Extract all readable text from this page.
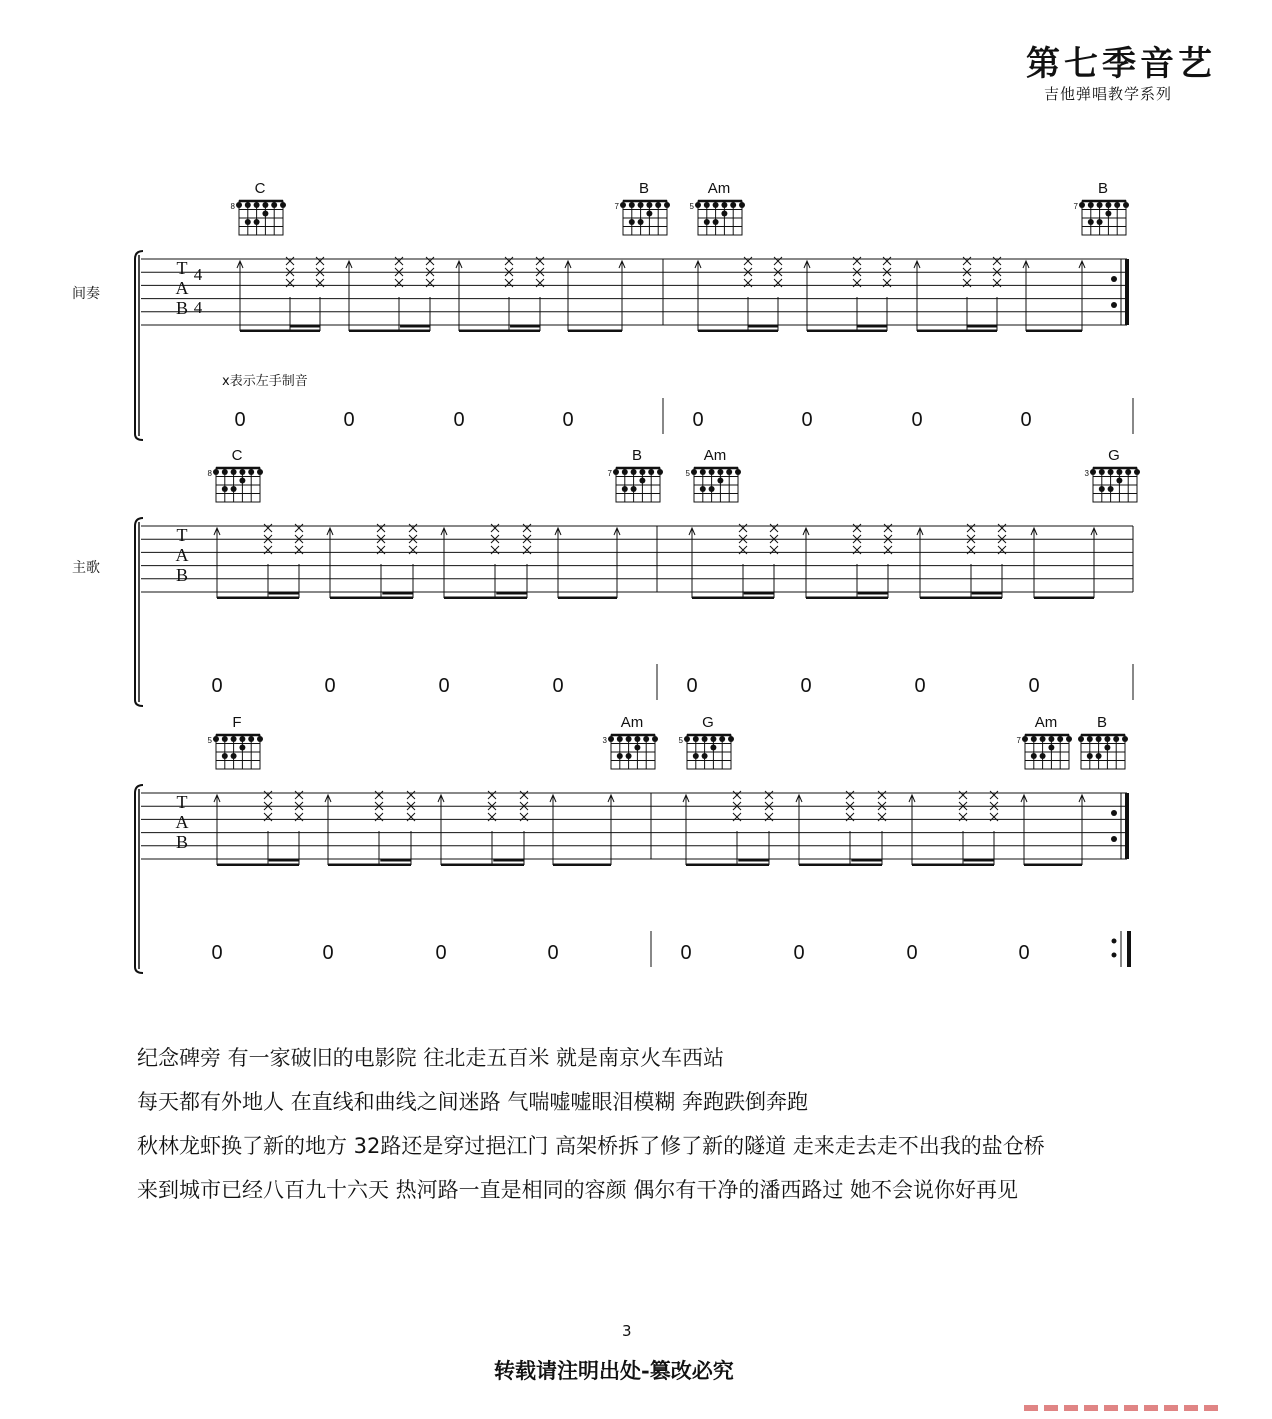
第七季音艺
吉他弹唱教学系列
间奏
T
A
B
4
4
0	0	0	0	0	0	0	0
x表示左手制音
C
8
B
7
Am
5
B
7
主歌
T
A
B
0	0	0	0	0	0	0	0
C
8
B
7
Am
5
G
3
T
A
B
0	0	0	0	0	0	0	0
F
5
Am
3
G
5
Am
7
B
纪念碑旁 有一家破旧的电影院 往北走五百米 就是南京火车西站
每天都有外地人 在直线和曲线之间迷路 气喘嘘嘘眼泪模糊 奔跑跌倒奔跑
秋林龙虾换了新的地方 32路还是穿过挹江门 高架桥拆了修了新的隧道 走来走去走不出我的盐仓桥
来到城市已经八百九十六天 热河路一直是相同的容颜 偶尔有干净的潘西路过 她不会说你好再见
3
转载请注明出处-篡改必究
